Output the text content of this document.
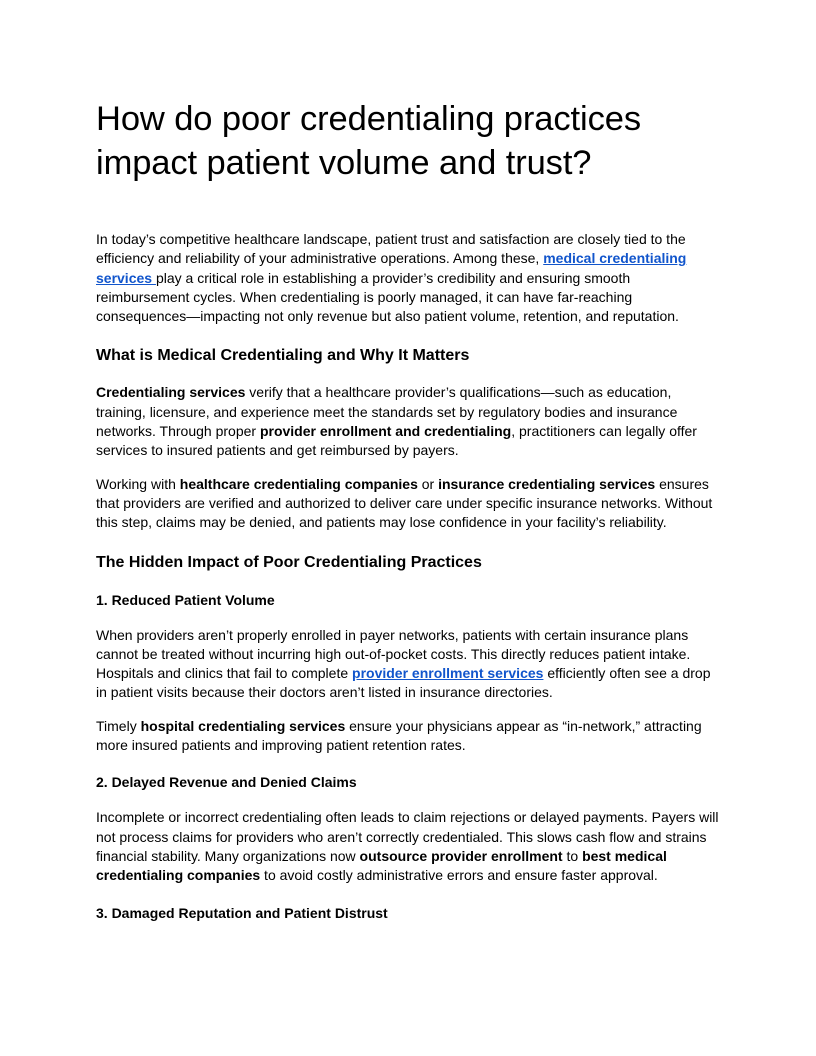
How do poor credentialing practices impact patient volume and trust?

In today’s competitive healthcare landscape, patient trust and satisfaction are closely tied to the efficiency and reliability of your administrative operations. Among these, medical credentialing services play a critical role in establishing a provider’s credibility and ensuring smooth reimbursement cycles. When credentialing is poorly managed, it can have far-reaching consequences—impacting not only revenue but also patient volume, retention, and reputation.

What is Medical Credentialing and Why It Matters

Credentialing services verify that a healthcare provider’s qualifications—such as education, training, licensure, and experience meet the standards set by regulatory bodies and insurance networks. Through proper provider enrollment and credentialing, practitioners can legally offer services to insured patients and get reimbursed by payers.

Working with healthcare credentialing companies or insurance credentialing services ensures that providers are verified and authorized to deliver care under specific insurance networks. Without this step, claims may be denied, and patients may lose confidence in your facility’s reliability.

The Hidden Impact of Poor Credentialing Practices
1. Reduced Patient Volume

When providers aren’t properly enrolled in payer networks, patients with certain insurance plans cannot be treated without incurring high out-of-pocket costs. This directly reduces patient intake. Hospitals and clinics that fail to complete provider enrollment services efficiently often see a drop in patient visits because their doctors aren’t listed in insurance directories.

Timely hospital credentialing services ensure your physicians appear as “in-network,” attracting more insured patients and improving patient retention rates.

2. Delayed Revenue and Denied Claims

Incomplete or incorrect credentialing often leads to claim rejections or delayed payments. Payers will not process claims for providers who aren’t correctly credentialed. This slows cash flow and strains financial stability. Many organizations now outsource provider enrollment to best medical credentialing companies to avoid costly administrative errors and ensure faster approval.

3. Damaged Reputation and Patient Distrust
